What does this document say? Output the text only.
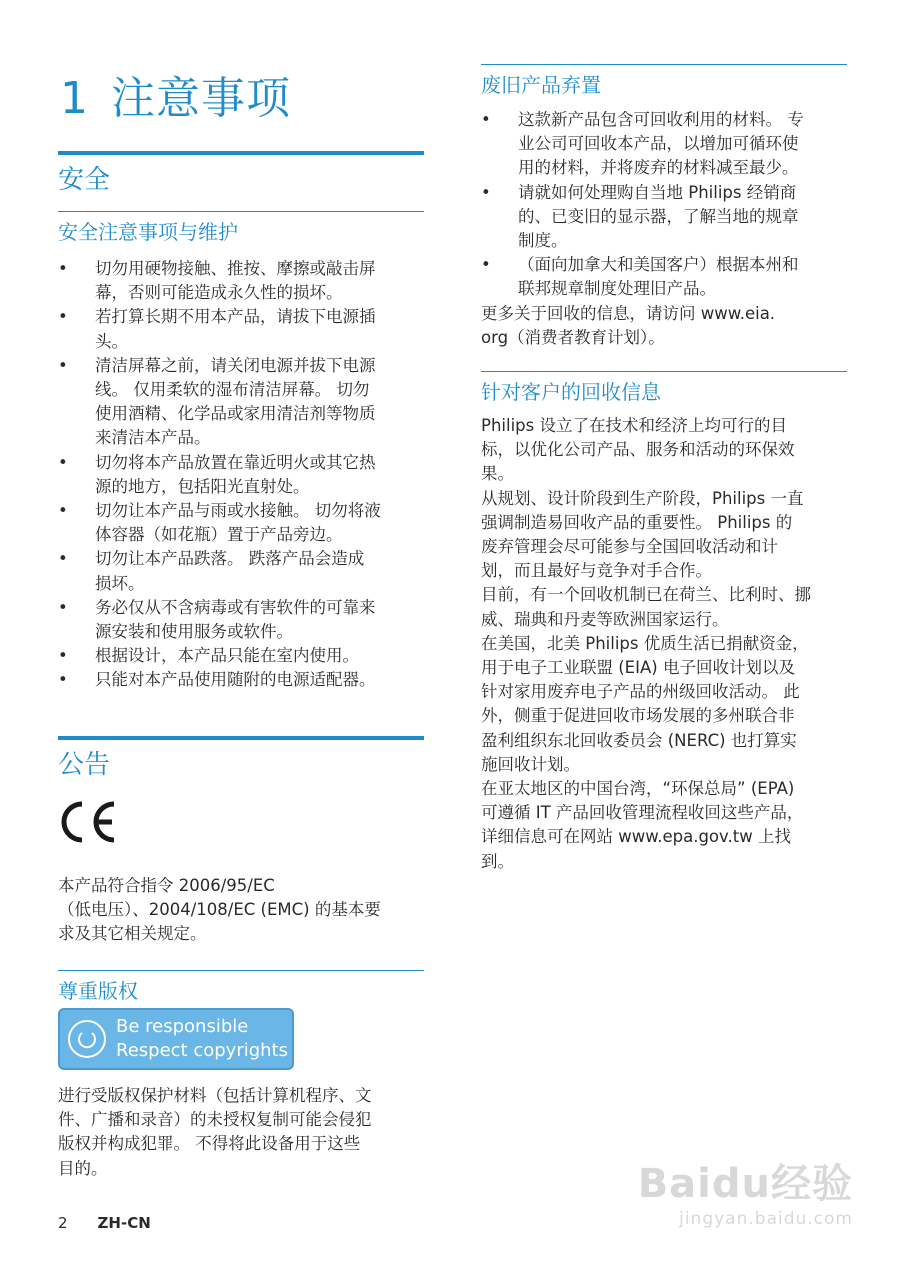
1 注意事项
安全
安全注意事项与维护
• 切勿用硬物接触、推按、摩擦或敲击屏
幕，否则可能造成永久性的损坏。
• 若打算长期不用本产品，请拔下电源插
头。
• 清洁屏幕之前，请关闭电源并拔下电源
线。 仅用柔软的湿布清洁屏幕。 切勿
使用酒精、化学品或家用清洁剂等物质
来清洁本产品。
• 切勿将本产品放置在靠近明火或其它热
源的地方，包括阳光直射处。
• 切勿让本产品与雨或水接触。 切勿将液
体容器（如花瓶）置于产品旁边。
• 切勿让本产品跌落。 跌落产品会造成
损坏。
• 务必仅从不含病毒或有害软件的可靠来
源安装和使用服务或软件。
• 根据设计，本产品只能在室内使用。
• 只能对本产品使用随附的电源适配器。
公告

本产品符合指令 2006/95/EC

（低电压）、2004/108/EC (EMC) 的基本要

求及其它相关规定。

尊重版权
Be responsible
Respect copyrights

进行受版权保护材料（包括计算机程序、文

件、广播和录音）的未授权复制可能会侵犯

版权并构成犯罪。 不得将此设备用于这些

目的。

废旧产品弃置
• 这款新产品包含可回收利用的材料。 专
业公司可回收本产品，以增加可循环使
用的材料，并将废弃的材料减至最少。
• 请就如何处理购自当地 Philips 经销商
的、已变旧的显示器，了解当地的规章
制度。
• （面向加拿大和美国客户）根据本州和
联邦规章制度处理旧产品。

更多关于回收的信息，请访问 www.eia.

org（消费者教育计划）。

针对客户的回收信息

Philips 设立了在技术和经济上均可行的目

标，以优化公司产品、服务和活动的环保效

果。

从规划、设计阶段到生产阶段，Philips 一直

强调制造易回收产品的重要性。 Philips 的

废弃管理会尽可能参与全国回收活动和计

划，而且最好与竞争对手合作。

目前，有一个回收机制已在荷兰、比利时、挪

威、瑞典和丹麦等欧洲国家运行。

在美国，北美 Philips 优质生活已捐献资金，

用于电子工业联盟 (EIA) 电子回收计划以及

针对家用废弃电子产品的州级回收活动。 此

外，侧重于促进回收市场发展的多州联合非

盈利组织东北回收委员会 (NERC) 也打算实

施回收计划。

在亚太地区的中国台湾，“环保总局” (EPA)

可遵循 IT 产品回收管理流程收回这些产品，

详细信息可在网站 www.epa.gov.tw 上找

到。

2 ZH-CN
Baidu经验
jingyan.baidu.com
